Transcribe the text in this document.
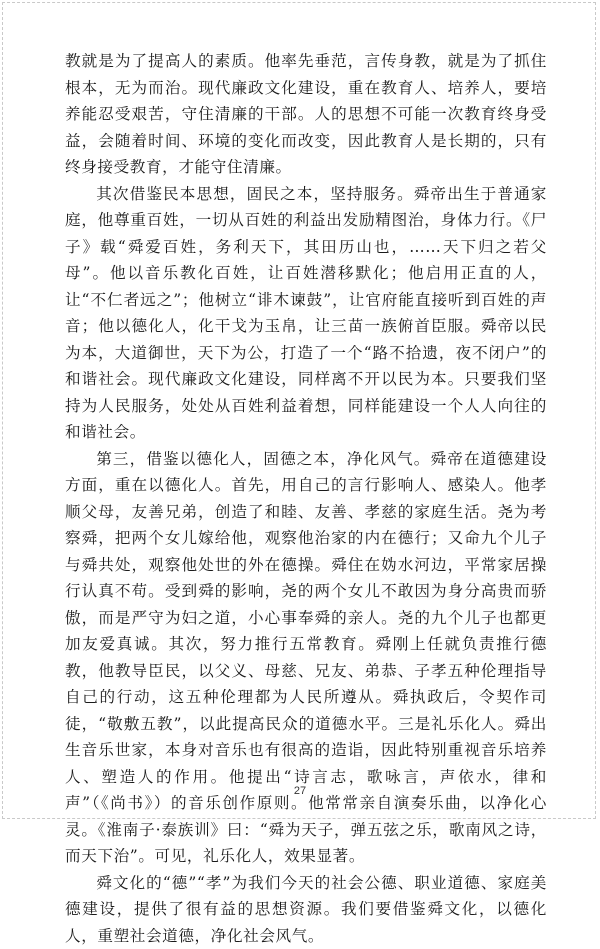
教就是为了提高人的素质。他率先垂范，言传身教，就是为了抓住根本，无为而治。现代廉政文化建设，重在教育人、培养人，要培养能忍受艰苦，守住清廉的干部。人的思想不可能一次教育终身受益，会随着时间、环境的变化而改变，因此教育人是长期的，只有终身接受教育，才能守住清廉。

其次借鉴民本思想，固民之本，坚持服务。舜帝出生于普通家庭，他尊重百姓，一切从百姓的利益出发励精图治，身体力行。《尸子》载“舜爱百姓，务利天下，其田历山也，……天下归之若父母”。他以音乐教化百姓，让百姓潜移默化；他启用正直的人，让“不仁者远之”；他树立“诽木谏鼓”，让官府能直接听到百姓的声音；他以德化人，化干戈为玉帛，让三苗一族俯首臣服。舜帝以民为本，大道御世，天下为公，打造了一个“路不拾遗，夜不闭户”的和谐社会。现代廉政文化建设，同样离不开以民为本。只要我们坚持为人民服务，处处从百姓利益着想，同样能建设一个人人向往的和谐社会。

第三，借鉴以德化人，固德之本，净化风气。舜帝在道德建设方面，重在以德化人。首先，用自己的言行影响人、感染人。他孝顺父母，友善兄弟，创造了和睦、友善、孝慈的家庭生活。尧为考察舜，把两个女儿嫁给他，观察他治家的内在德行；又命九个儿子与舜共处，观察他处世的外在德操。舜住在妫水河边，平常家居操行认真不苟。受到舜的影响，尧的两个女儿不敢因为身分高贵而骄傲，而是严守为妇之道，小心事奉舜的亲人。尧的九个儿子也都更加友爱真诚。其次，努力推行五常教育。舜刚上任就负责推行德教，他教导臣民，以父义、母慈、兄友、弟恭、子孝五种伦理指导自己的行动，这五种伦理都为人民所遵从。舜执政后，令契作司徒，“敬敷五教”，以此提高民众的道德水平。三是礼乐化人。舜出生音乐世家，本身对音乐也有很高的造诣，因此特别重视音乐培养人、塑造人的作用。他提出“诗言志，歌咏言，声依水，律和声”（《尚书》）的音乐创作原则。他常常亲自演奏乐曲，以净化心灵。《淮南子·泰族训》曰：“舜为天子，弹五弦之乐，歌南风之诗，而天下治”。可见，礼乐化人，效果显著。

舜文化的“德”“孝”为我们今天的社会公德、职业道德、家庭美德建设，提供了很有益的思想资源。我们要借鉴舜文化，以德化人，重塑社会道德，净化社会风气。

27
